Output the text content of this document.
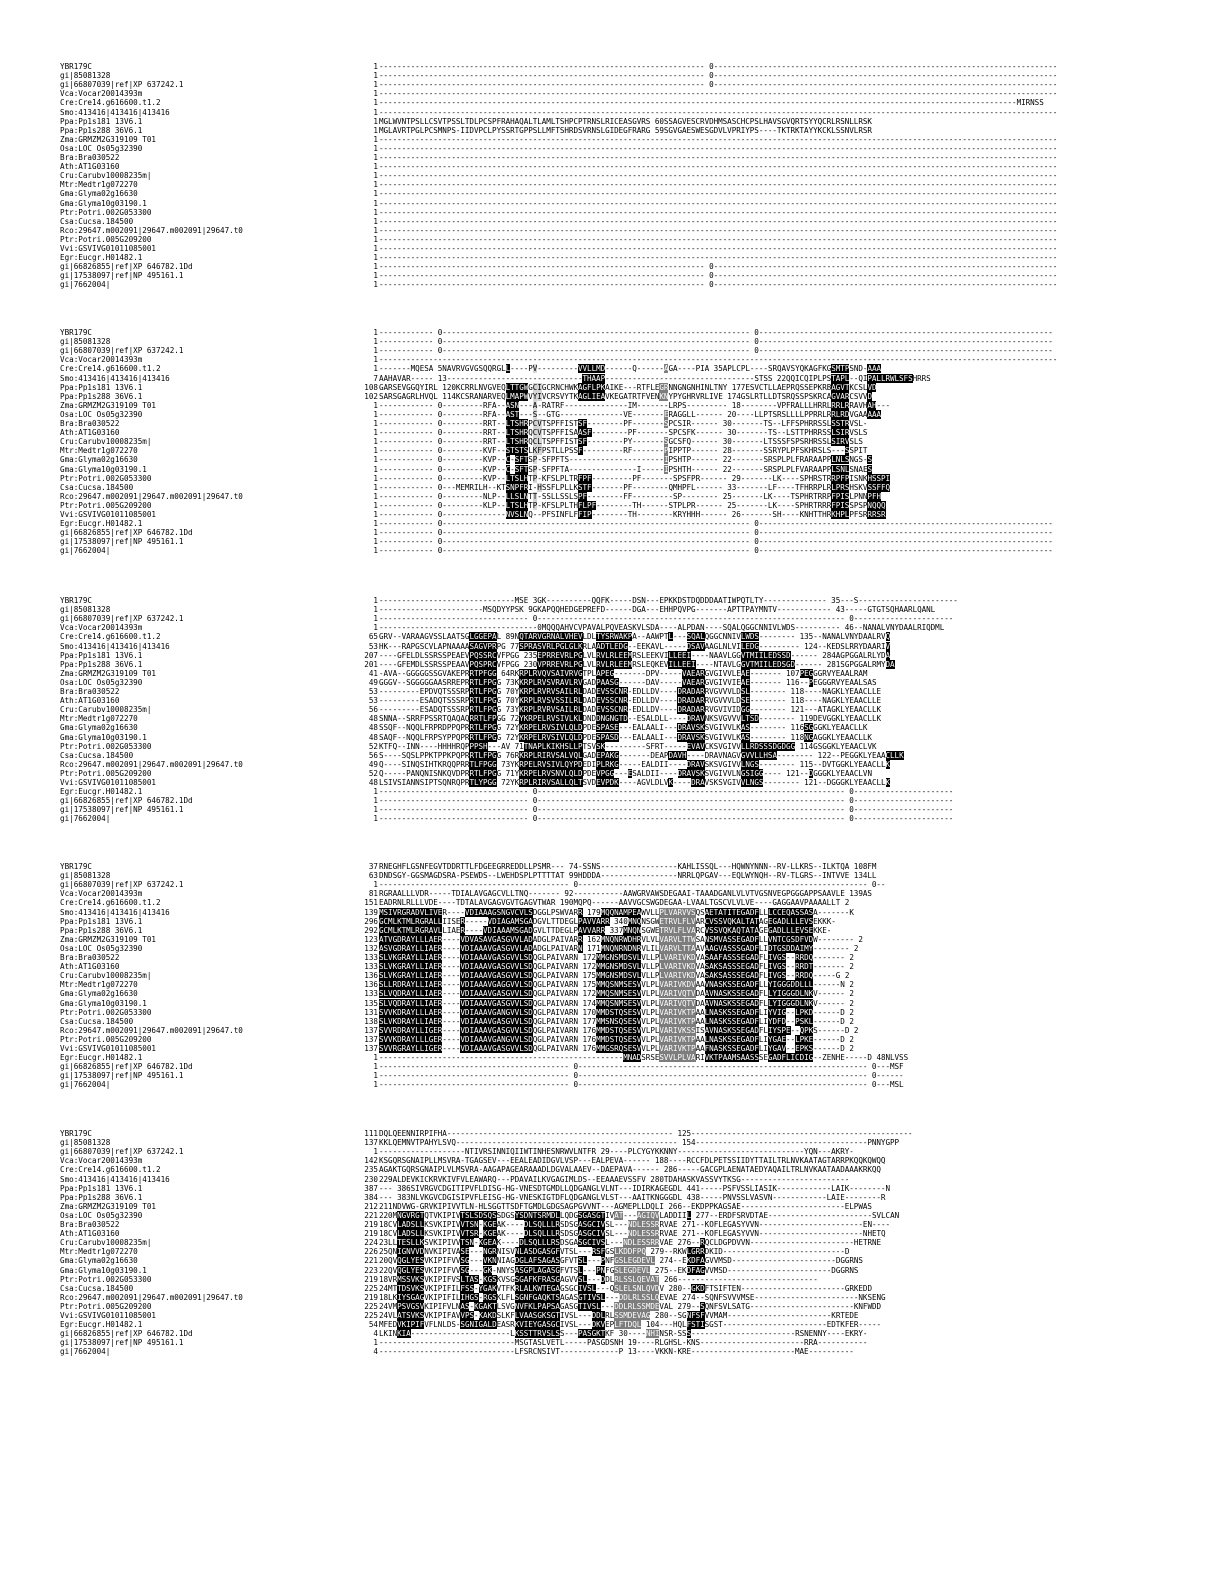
YBR179C	1 ------------------------------------------------------------------------ 0----------------------------------------------------------------------------
gi|85081328	1 ------------------------------------------------------------------------ 0----------------------------------------------------------------------------
gi|66807039|ref|XP 637242.1	1 ------------------------------------------------------------------------ 0----------------------------------------------------------------------------
Vca:Vocar20014393m	1 ------------------------------------------------------------------------------------------------------------------------------------------------------
Cre:Cre14.g616600.t1.2	1 ---------------------------------------------------------------------------------------------------------------------------------------------MIRNSS
Smo:413416|413416|413416	1 ------------------------------------------------------------------------------------------------------------------------------------------------------
Ppa:Pp1s181 13V6.1	1 MGLWVNTPSLLCSVTPSSLTDLPCSPFRAHAQALTLAMLTSHPCPTRNSLRICEASGVRS 60SSAGVESCRVDHMSASCHCPSLHAVSGVQRTSYYQCRLRSNLLRSK
Ppa:Pp1s288 36V6.1	1 MGLAVRTPGLPCSMNPS-IIDVPCLPYSSRTGPPSLLMFTSHRDSVRNSLGIDEGFRARG 59SGVGAESWESGDVLVPRIYPS----TKTRKTAYYKCKLSSNVLRSR
Zma:GRMZM2G319109 T01	1 ------------------------------------------------------------------------------------------------------------------------------------------------------
Osa:LOC Os05g32390	1 ------------------------------------------------------------------------------------------------------------------------------------------------------
Bra:Bra030522	1 ------------------------------------------------------------------------------------------------------------------------------------------------------
Ath:AT1G03160	1 ------------------------------------------------------------------------------------------------------------------------------------------------------
Cru:Carubv10008235m|	1 ------------------------------------------------------------------------------------------------------------------------------------------------------
Mtr:Medtr1g072270	1 ------------------------------------------------------------------------------------------------------------------------------------------------------
Gma:Glyma02g16630	1 ------------------------------------------------------------------------------------------------------------------------------------------------------
Gma:Glyma10g03190.1	1 ------------------------------------------------------------------------------------------------------------------------------------------------------
Ptr:Potri.002G053300	1 ------------------------------------------------------------------------------------------------------------------------------------------------------
Csa:Cucsa.184500	1 ------------------------------------------------------------------------------------------------------------------------------------------------------
Rco:29647.m002091|29647.m002091|29647.t0	1 ------------------------------------------------------------------------------------------------------------------------------------------------------
Ptr:Potri.005G209200	1 ------------------------------------------------------------------------------------------------------------------------------------------------------
Vvi:GSVIVG01011085001	1 ------------------------------------------------------------------------------------------------------------------------------------------------------
Egr:Eucgr.H01482.1	1 ------------------------------------------------------------------------------------------------------------------------------------------------------
gi|66826855|ref|XP 646782.1Dd	1 ------------------------------------------------------------------------ 0----------------------------------------------------------------------------
gi|17538097|ref|NP 495161.1	1 ------------------------------------------------------------------------ 0----------------------------------------------------------------------------
gi|7662004|	1 ------------------------------------------------------------------------ 0----------------------------------------------------------------------------
YBR179C	1 ------------ 0-------------------------------------------------------------------- 0-----------------------------------------------------------------
gi|85081328	1 ------------ 0-------------------------------------------------------------------- 0-----------------------------------------------------------------
gi|66807039|ref|XP 637242.1	1 ------------ 0-------------------------------------------------------------------- 0-----------------------------------------------------------------
Vca:Vocar20014393m	1 ------------------------------------------------------------------------------------------------------------------------------------------------------
Cre:Cre14.g616600.t1.2	1 -------MQESA 5NAVRVGVGSQQRGLL----PV---------VVLLMD------Q------AGA----PIA 35APLCPL----SRQAVSYQKAGFKGSMTPSND-AAA
Smo:413416|413416|413416	7 AAHAVAR----- 13------------------------------THAAP---------------------------------STSS 22QQICQIPLPSTAPL--QIPALLRWLSFSHRRS
Ppa:Pp1s181 13V6.1	108 GARSEVGGQYIRL 120KCRRLNVGVEQLTTGWGCIGCRNCHWKAGFLPKAIKE---RTFLEGRNNGNGNHINLTNY 177ESVCTLLAEPRQSSEPKRBAGVTKCSLVD
Ppa:Pp1s288 36V6.1	102 SARSGAGRLHVQL 114KCSRANARVEQLMAPWVYIVCRSVYTKAGLIEAVKEGATRTFVENKNYPYGHRVRLIVE 174GSLRTLLDTSRQSSPSKRCAGVARCSVVD
Zma:GRMZM2G319109 T01	1 ------------ 0---------RFA--ASN---A-RATRF--------------IM-------LRPS--------- 18--------VPFRALLLHRRLRRLRRAVHAH---
Osa:LOC Os05g32390	1 ------------ 0---------RFA--AST---S--GTG--------------VE-------ERAGGLL------ 20----LLPTSRSLLLLPPRRLRRLRDVGAAAAA
Bra:Bra030522	1 ------------ 0---------RRT--LTSHRPCVTSPFFISTSF--------PF-------SPCSIR------ 30-------TS--LFFSPHRRSSLSSTRVSL-
Ath:AT1G03160	1 ------------ 0---------RRT--LTSHRQCVTSPFFISAASF--------PF-------SPCSFK------ 30-------TS--LSTTPHRRSSLSIRVSLS
Cru:Carubv10008235m|	1 ------------ 0---------RRT--LTSHRQCLTSPFFISTSF--------PY-------SGCSFQ------ 30-------LTSSSFSPSRHRSSLSIRVSLS
Mtr:Medtr1g072270	1 ------------ 0---------KVF--STSTSLKFPSTLLPSSF---------RF-------PIPPTP------ 28-------SSRYPLPFSKHRSLS---SSPIT
Gma:Glyma02g16630	1 ------------ 0---------KVP--C-SFTSP-SFPFTS---------------------IPSHTP------ 22-------SRSPLPLFRARAAPPLNLSNGS-S
Gma:Glyma10g03190.1	1 ------------ 0---------KVP--C-SFTSP-SFPFTA---------------I-----IPSHTH------ 22-------SRSPLPLFVARAAPPLSNLSNAES
Ptr:Potri.002G053300	1 ------------ 0---------KVP--LTSLHTP-KFSLPLTRFPF---------PF-------SPSFPR------ 29-------LK----SPHRSTRRPFPISNKHSSPI
Csa:Cucsa.184500	1 ------------ 0---MEMRILH--KTSNPFRI-HSSFLPLLKSTF-------PF--------QMHPFL------ 33-------LF----TFHRRPLRLPRSHSKVSSFFQ
Rco:29647.m002091|29647.m002091|29647.t0	1 ------------ 0---------NLP--LLSLNTT-SSLLSSLSPF--------FF---------SP-------- 25-------LK----TSPHRTRRPFPISLPNNPFH
Ptr:Potri.005G209200	1 ------------ 0---------KLP--LTSLHTP-KFSLPLTHFLPF--------TH------STPLPR------ 25-------LK----SPHRTRRRFPISSPSPNQQQ
Vvi:GSVIVG01011085001	1 ------------ 0--------------NVSLNQ--PFSINFLFFIP--------TH--------KRYHHH------ 26-------SH----KNHTTHRKHPLPFSRRRSR
Egr:Eucgr.H01482.1	1 ------------ 0-------------------------------------------------------------------- 0-----------------------------------------------------------------
gi|66826855|ref|XP 646782.1Dd	1 ------------ 0-------------------------------------------------------------------- 0-----------------------------------------------------------------
gi|17538097|ref|NP 495161.1	1 ------------ 0-------------------------------------------------------------------- 0-----------------------------------------------------------------
gi|7662004|	1 ------------ 0-------------------------------------------------------------------- 0-----------------------------------------------------------------
YBR179C	1 ------------------------------MSE 3GK----------QQFK-----DSN---EPKKDSTDQDDDAATIWPQTLTY-------------- 35---S----------------------
gi|85081328	1 -----------------------MSQDYYPSK 9GKAPQQHEDGEPREFD------DGA---EHHPQVPG-------APTTPAYMNTV------------ 43-----GTGTSQHAARLQANL
gi|66807039|ref|XP 637242.1	1 --------------------------------- 0-------------------------------------------------------------------- 0----------------------
Vca:Vocar20014393m	1 -----------------------------------0MQQQAHVCVPAVALPQVEASKVLSDA----ALPDAN----SQALQGGCNNIVLWDS---------- 46--NANALVNYDAALRIQDML
Cre:Cre14.g616600.t1.2	65 GRV--VARAAGVSSLAATSGLGGEPAL 89NQTARVGRNALVHEVLDLTYSRWAKPA--AAWPTL---SQALQGGCNNIVLWDS-------- 135--NANALVNYDAALRVQ
Smo:413416|413416|413416	53 HK---RAPGSCVLAPNAAAASAGVPRPG 77SPRASVRLPGLGLKRLAADTLEDG--EEKAVL-----DSAVAAGLNLVILEDG--------- 124--KEDSLRRYDAARIV
Ppa:Pp1s181 13V6.1	207 ----GFELDLSSRSSPEAEVPQSSRCVFPGG 235EPRREVRLPGLVLRVLRLEEMRSLEEKVILLEEI----NAAVLGGVTMIILEDSSD------ 284AGPGGALRLYDA
Ppa:Pp1s288 36V6.1	201 ----GFEMDLSSRSSPEAAVPQSPRCVFPGG 230VPRREVRLPGLVLRVLRLEEMRSLEQKEVILLEEI----NTAVLGGVTMIILEDSGD------ 281SGPGGALRMYDA
Zma:GRMZM2G319109 T01	41 -AVA--GGGGGSSGVAKEPRRTPFGG 64RKRPLRVQVSAIVRVGTPLAPEG-------DPV-----VAEARGVGIVVLEAE------- 107PEGGGRVYEAALRAM
Osa:LOC Os05g32390	49 GGGV--SGGGGGAASRREPRRTLFPGG 73KKRPLRVSVRAVLRVGADPAASG------DAV-----VAEARGVGIVVIEAE------- 116--PEGGGRVYEAALSAS
Bra:Bra030522	53 ---------EPDVQTSSSRPRTLFPGG 70YKRPLRVRVSAILRLDADEVSSCNR-EDLLDV----DRADARRVGVVVLDSL-------- 118----NAGKLYEAACLLE
Ath:AT1G03160	53 ---------ESADQTSSSRPRTLFPGG 70YKRPLRVSVSSILRLDADEVSSCNR-EDLLDV----DRADARRVGVVVLDSE-------- 118----NAGKLYEAACLLE
Cru:Carubv10008235m|	56 ---------ESADQTSSSRPRTLFPGG 73YKRPLRVRVSAILRLDADEVSSCNR-EDLLDV----DRADARRVGVIVIDGG-------- 121---ATAGKLYEAACLLK
Mtr:Medtr1g072270	48 SNNA--SRRFPSSRTQAQAQRRTLFPGG 72YKRPELRVSIVLKLDNDDNGNGTD--ESALDLL----DRAVNKSVGVVVLTSD-------- 119DEVGGKLYEAACLLK
Gma:Glyma02g16630	48 SSQF--NQQLFRPRDPPQPRRTLFPGG 72YKRPELRVSIVLQLDPDESPASE---EALAALI---DRAVSKSVGIVVLKAS-------- 116SGGGKLYEAACLLK
Gma:Glyma10g03190.1	48 SAQF--NQQLFRPSYPPQPRRTLFPGG 72YKRPELRVSIVLQLDPDESPASD---EALAALI---DRAVSKSVGIVVLKAS-------- 118NGAGGKLYEAACLLK
Ptr:Potri.002G053300	52 KTFQ--INN----HHHHRQPPPSH---AV 71TNAPLKIKHSLLPTSVSK---------SFRT-----EVAVCKSVGIVVLLRDSSSDGDGG 114GSGGKLYEAACLVK
Csa:Cucsa.184500	56 S----SQSLPPKTPPKPQPRRTLFPGG 76RKRPLRIRVSALVQLGADEPAKG-------DEAPDAVH----DRAVNAGVGVVLLHSA-------- 122--PEGGKLYEAACLLK
Rco:29647.m002091|29647.m002091|29647.t0	49 Q----SINQSIHTKRQQPRRTLFPGG 73YKRPELRVSIVLQYPDEDIPLRKG-----EALDII----DRAVSKSVGIVVLNGS-------- 115--DVTGGKLYEAACLLK
Ptr:Potri.005G209200	52 Q-----PANQNISNKQVDPRRTLFPGG 71YKRPELRVSNVLQLDPDEVPGG---ESALDII----DRAVSKSVGIVVLNGSIGG---- 121--DGGGKLYEAACLVN
Vvi:GSVIVG01011085001	48 LSIVSIANNSIPTSQNRQPRTLYPGG 72YKRPLRIRVSALLQLTSVDEVPDK----AGVLDLVK----DRAVSKSVGIVVLNGS-------- 121--DGGGKLYEAACLLK
Egr:Eucgr.H01482.1	1 --------------------------------- 0-------------------------------------------------------------------- 0----------------------
gi|66826855|ref|XP 646782.1Dd	1 --------------------------------- 0-------------------------------------------------------------------- 0----------------------
gi|17538097|ref|NP 495161.1	1 --------------------------------- 0-------------------------------------------------------------------- 0----------------------
gi|7662004|	1 --------------------------------- 0-------------------------------------------------------------------- 0----------------------
YBR179C	37 RNEGHFLGSNFEGVTDDRTTLFDGEEGRREDDLLPSMR--- 74-SSNS-----------------KAHLISSQL---HQWNYNNN--RV-LLKRS--ILKTQA 108FM
gi|85081328	63 DNDSGY-GGSMAGDSRA-PSEWDS--LWEHDSPLPTTTTAT 99HDDDA-----------------NRRLQPGAV---EQLWYNQH--RV-TLGRS--INTVVE 134LL
gi|66807039|ref|XP 637242.1	1 ------------------------------------------ 0---------------------------------------------------------------- 0--
Vca:Vocar20014393m	81 RGRAALLLVDR-----TDIALAVGAGCVLLTNQ------- 92-----------AAWGRVAWSDEGAAI-TAAADGANLVLVTVGSNVEGPGGGAPPSAAVLE 139AS
Cre:Cre14.g616600.t1.2	151 EADRNLRLLLVDE----TDTALAVGAGVGVTGAGVTWAR 190MQPQ------AAVVGCSWGDEGAA-LVAALTGSCVLVLVE----GAGGAAVPAAAALLT 2
Smo:413416|413416|413416	139 MSIVRGRADVLIVER----VDIAAAGSNGVCVLSDGGLPSWVARR 179MQQNAMPEAWVLLPLVARVVSQSAETATITEGADFLLLCCEQASSASA-------K
Ppa:Pp1s181 13V6.1	296 GCMLKTMLRGRALLIISER-----VDIAGAMSGADGVLTTDEGLPAVVARR 340MNQNSGWETRVLFLVARCVSSVQKALTATAGEGADLLLEVSEKKK-
Ppa:Pp1s288 36V6.1	292 GCMLKTMLRGRAVLLIAER----VDIAAAMSGADGVLTTDEGLPAVVARR 337MNQNSGWETRVLFLVARCVSSVQKAQTATAGEGADLLLEVSEKKE-
Zma:GRMZM2G319109 T01	123 ATVGDRAYLLLAER----VDVASAVGASGVVLADADGLPAIVARR 162MNQNRWDHRVLVLVARVLTTWSANSMVASSEGADFLLVNTCGSDFVDW-------- 2
Osa:LOC Os05g32390	132 ASVGDRAYLLIAER----VDIAAAVGASGVVLADADGLPAIVARN 171MNQNRNDNRVLILVARVLTTAAVAAGVASSSGADFLIDTGSDDAIMY-------- 2
Bra:Bra030522	133 SLVKGRAYLLIAER----VDIAAAVGASGVVLSDQGLPAIVARN 172MMGNSMDSVLVLLPLVARIVKDVASAAFASSSEGADFLIVGS--RRDQ------- 2
Ath:AT1G03160	133 SLVKGRAYLLIAER----VDIAAAVGASGVVLSDQGLPAIVARN 172MMGNSMDSVLVLLPLVARIVKDVASAKSASSSEGADFLIVGS--RRDT------- 2
Cru:Carubv10008235m|	136 SLVKGRAYLLIAER----VDIAAAVGASGVVLSDQGLPAIVARN 175MMGNSMDSVLVLLPLVARIVKDVASAKSASSSEGADFLIVGS--RRDQ-----G 2
Mtr:Medtr1g072270	136 SLLRDRAYLLIAER----VDIAAAVGAGGVVLSDQGLPAIVARN 175MMQSNMSESVVLPLVARIVKDVAAVNASKSSEGADFLLYIGGGDDLLL------N 2
Gma:Glyma02g16630	133 SLVQDRAYLLIAER----VDIAAAVGASGVVLSDQGLPAIVARN 172MMQSNMSESVVLPLVARIVQTVDAAVNASKSSEGADFLLYIGGGDLNKV------ 2
Gma:Glyma10g03190.1	135 SLVQDRAYLLIAER----VDIAAAVGASGVVLSDQGLPAIVARN 174MMQSNMSESVVLPLVARIVQTVDAAVNASKSSEGADFLLYIGGGDLNKV------ 2
Ptr:Potri.002G053300	131 SVVKDRAYLLLAER----VDIAAAVGANGVVLSDQGLPAIVARN 170MMDSTQSESVVLPLVARIVKTPAALNASKSSEGADFLIYVIG--LPKD------D 2
Csa:Cucsa.184500	138 SLVKDRAYLLIAER----VDIAAAVGASGVVLSDQGLPAIVARN 177MMSNSQSESVVLPLVARIVKTPAALNASKSSEGADFLIYDFD--PSKL------D 2
Rco:29647.m002091|29647.m002091|29647.t0	137 SVVRDRAYLLIGER----VDIAAAVGASGVVLSDQGLPAIVARN 176MMDSTQSESVVLPLVARIVKSSISAVNASKSSEGADFLIYSPE--QPKS------D 2
Ptr:Potri.005G209200	137 SVVKDRAYLLLGER----VDIAAAVGANGVVLSDQGLPAIVARN 176MMDSTQSESVVLPLVARIVKTPAALNASKSSEGADFLIYGAE--LPKE------D 2
Vvi:GSVIVG01011085001	137 SVVRGRAYLLIGER----VDIAAAVGASGVVLSDQGLPAIVARN 176MMGSRQSESVVLPLVARIVKTPAAFNASKSSEGADFLIYGAV--EPKS------D 2
Egr:Eucgr.H01482.1	1 ------------------------------------------------------MNADSRSESVVLPLVARIVKTPAAMSAASSSEGADFLICDIG--ZENHE-----D 48NLVSS
gi|66826855|ref|XP 646782.1Dd	1 ------------------------------------------ 0---------------------------------------------------------------- 0---MSF
gi|17538097|ref|NP 495161.1	1 ------------------------------------------ 0---------------------------------------------------------------- 0------
gi|7662004|	1 ------------------------------------------ 0---------------------------------------------------------------- 0---MSL
YBR179C	111 DQLQEENNIRPIFHA-------------------------------------------------- 125-------------------------------------------------
gi|85081328	137 KKLQEMNVTPAHYLSVQ------------------------------------------------- 154--------------------------------------PNNYGPP
gi|66807039|ref|XP 637242.1	1 -------------------NTIVRSINNIQIIWTINHESNRWVLNTFR 29----PLCYGYKKNNY----------------------------YQN---AKRY-
Vca:Vocar20014393m	142 KSGQRSGNAIPLLMSVRA-TGAGSEV---EEALEADIDGVLVSP---EALPEVA------ 188----RCCFDLPETSSIIDYTTAILTRLNVKAATAGTARRPKQQKQWQQ
Cre:Cre14.g616600.t1.2	235 AGAKTGQRSGNAIPLVLMSVRA-AAGAPAGEARAAADLDGVALAAEV--DAEPAVA------ 286-----GACGPLAENATAEDYAQAILTRLNVKAATAADAAAKRKQQ
Smo:413416|413416|413416	230 229ALDEVKICKRVKIVFVLEAWARQ---PDAVAILKVGAGIMLDS--EEAAAEVSSFV 280TDAHASKVASSVYTKSG------------------------
Ppa:Pp1s181 13V6.1	387 --- 386SIVRGVCDGITIPVFLDISG-HG-VNESDTGMDLLQDGANGLVLNT---IDIRKAGEGDL 441-----PSFVSSLIASIK------------LAIK--------N
Ppa:Pp1s288 36V6.1	384 --- 383NLVKGVCDGISIPVFLEISG-HG-VNESKIGTDFLQDGANGLVLST---AAITKNGGGDL 438-----PNVSSLVASVN------------LAIE--------R
Zma:GRMZM2G319109 T01	212 211NDVWG-GRVKIPIVVTLN-HLSGGTTSDFTGMDLGDGSAGPGVVNT---AGMEPLLDQLI 266--EKDPPKAGSAE-----------------------ELPWAS
Osa:LOC Os05g32390	221 220MNGVRGTQTVKIPIVTSLSDSQSSDGSYSDNTSRMDLLQDGSGASGTIVAT---AGIQVLADDIIL 277--ERDFSRVDTAE-----------------------SVLCAN
Bra:Bra030522	219 18CVLADSLLKSVKIPIVVTSN-KGEAK----DLSQLLLRSDSGASGCIVSL---NDLESSRRVAE 271--KOFLEGASYVVN-----------------------EN----
Ath:AT1G03160	219 18CVLADSLLKSVKIPIVVTSR-KGEAK----DLSQLLLRSDSGASGCIVSL---NDLESSRRVAE 271--KOFLEGASYVVN-----------------------NHETQ
Cru:Carubv10008235m|	224 23LLTESLLKSVKIPIVVTSN-KGEAK----DLSQLLLRSDSGASGCIVSL---NDLESSRRVAE 276--RQCLDGPDVVN-----------------------HETRNE
Mtr:Medtr1g072270	226 25QNIGNVVDNVKIPIVASE---NGRNISVNLASDGASGFVTSL---RSFGSLKDDFPQ 279--RKWLGRRDKID---------------------------D
Gma:Glyma02g16630	221 20QVQGLYESVKIPIFVVSG---VKNNIAGDGLAFSAGASGFVTSL---PNFGSLEGDEVL 274--EKDFAGVVMSD-----------------------DGGRNS
Gma:Glyma10g03190.1	223 22QVQGLYESVKIPIFVVSG---GK-NNYSASGPLAGASGFVTSL---PNFGSLEGDEVL 275--EKDFAGVVMSD-----------------------DGGRNS
Ptr:Potri.002G053300	219 18VRMSSVKSVKIPIFVSLTAS-KGSKVSGSGAFKFRASGAGVVSL---DDLRLSSLQEVAT 266-------------------------------
Csa:Cucsa.184500	225 24MTTDSVKSVKIPIFILFSS-YGAKVTFKRLALKWTEGAGSGCIVSL---QSLELSNLQVDV 280--GKDFTSIFTEN-----------------------GRKEDD
Rco:29647.m002091|29647.m002091|29647.t0	219 18LKIYSGAGVKIPIFILIHGS-RGSKLFLSGNFGAQKTSAGASGTIVSL---DDLRLSSLQEVAE 274--SQNFSVVVMSE-----------------------NKSENG
Ptr:Potri.005G209200	225 24VMPSVGSVKIPIFVLNAS-KGAKTLSVGNVFKLPAPSAGASGTIVSL---DDLRLSSMDEVAL 279--SQNFSVLSATG-----------------------KNFWDD
Vvi:GSVIVG01011085001	225 24VLATSVKSVKIPIFAVVPS-KAKDSLKFLVAASGKSGTIVSL---DDLRLSSMDEVAG 280--SGNFSFVVMAM-----------------------KRTEDE
Egr:Eucgr.H01482.1	54 MFEDVKIPIFVFLNLDS-SGNIGALDEASRKVIEYGASGCIVSL---DKVEPLFTDQL 104---HQLFSTISGST-----------------------EDTKFER-----
gi|66826855|ref|XP 646782.1Dd	4 LKINKIA----------------------LKSSTTRVSLSS---PASGKTKF 30----NHINSR-SSS-----------------------RSNENNY----EKRY-
gi|17538097|ref|NP 495161.1	1 ------------------------------MSGTASLVETL-----PASGDSNH 19----RLGHSL-KNS-----------------------RRA-----------
gi|7662004|	4 ------------------------------LFSRCNSIVT-------------P 13----VKKN-KRE-----------------------MAE----------
